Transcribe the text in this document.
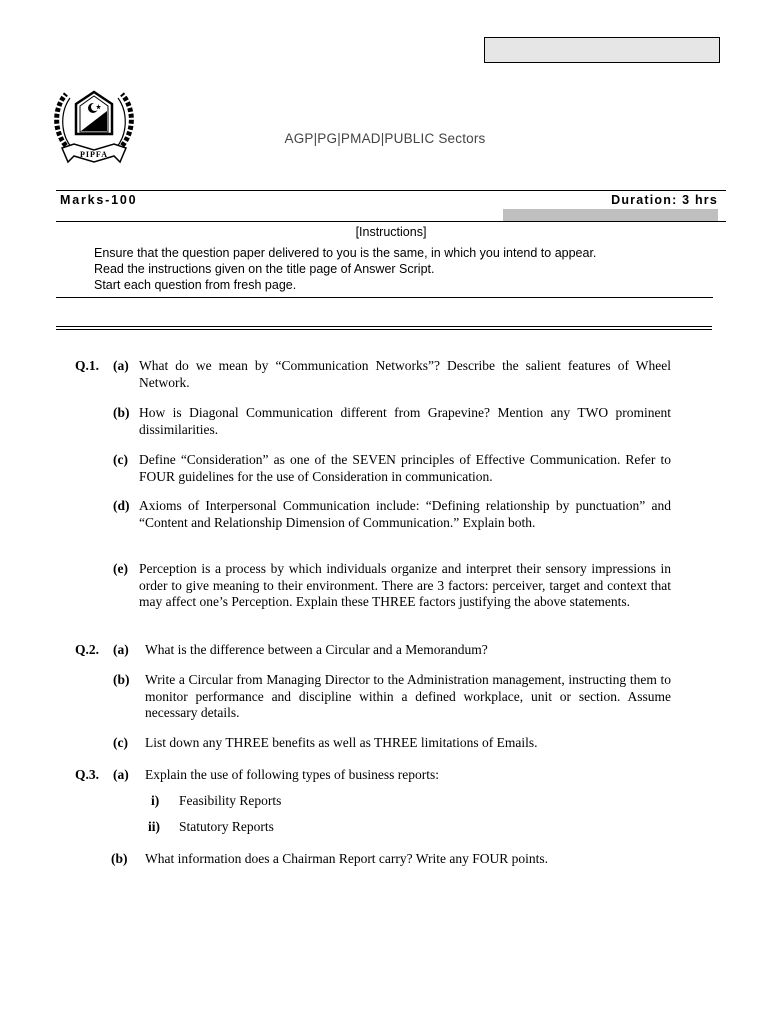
PIPFA
AGP|PG|PMAD|PUBLIC Sectors
Marks-100	Duration: 3 hrs
[Instructions]
Ensure that the question paper delivered to you is the same, in which you intend to appear.
Read the instructions given on the title page of Answer Script.
Start each question from fresh page.
Q.1. (a) What do we mean by “Communication Networks”? Describe the salient features of Wheel Network.
(b) How is Diagonal Communication different from Grapevine? Mention any TWO prominent dissimilarities.
(c) Define “Consideration” as one of the SEVEN principles of Effective Communication. Refer to FOUR guidelines for the use of Consideration in communication.
(d) Axioms of Interpersonal Communication include: “Defining relationship by punctuation” and “Content and Relationship Dimension of Communication.” Explain both.
(e) Perception is a process by which individuals organize and interpret their sensory impressions in order to give meaning to their environment. There are 3 factors: perceiver, target and context that may affect one’s Perception. Explain these THREE factors justifying the above statements.
Q.2. (a) What is the difference between a Circular and a Memorandum?
(b) Write a Circular from Managing Director to the Administration management, instructing them to monitor performance and discipline within a defined workplace, unit or section. Assume necessary details.
(c) List down any THREE benefits as well as THREE limitations of Emails.
Q.3. (a) Explain the use of following types of business reports:
i) Feasibility Reports
ii) Statutory Reports
(b) What information does a Chairman Report carry? Write any FOUR points.
